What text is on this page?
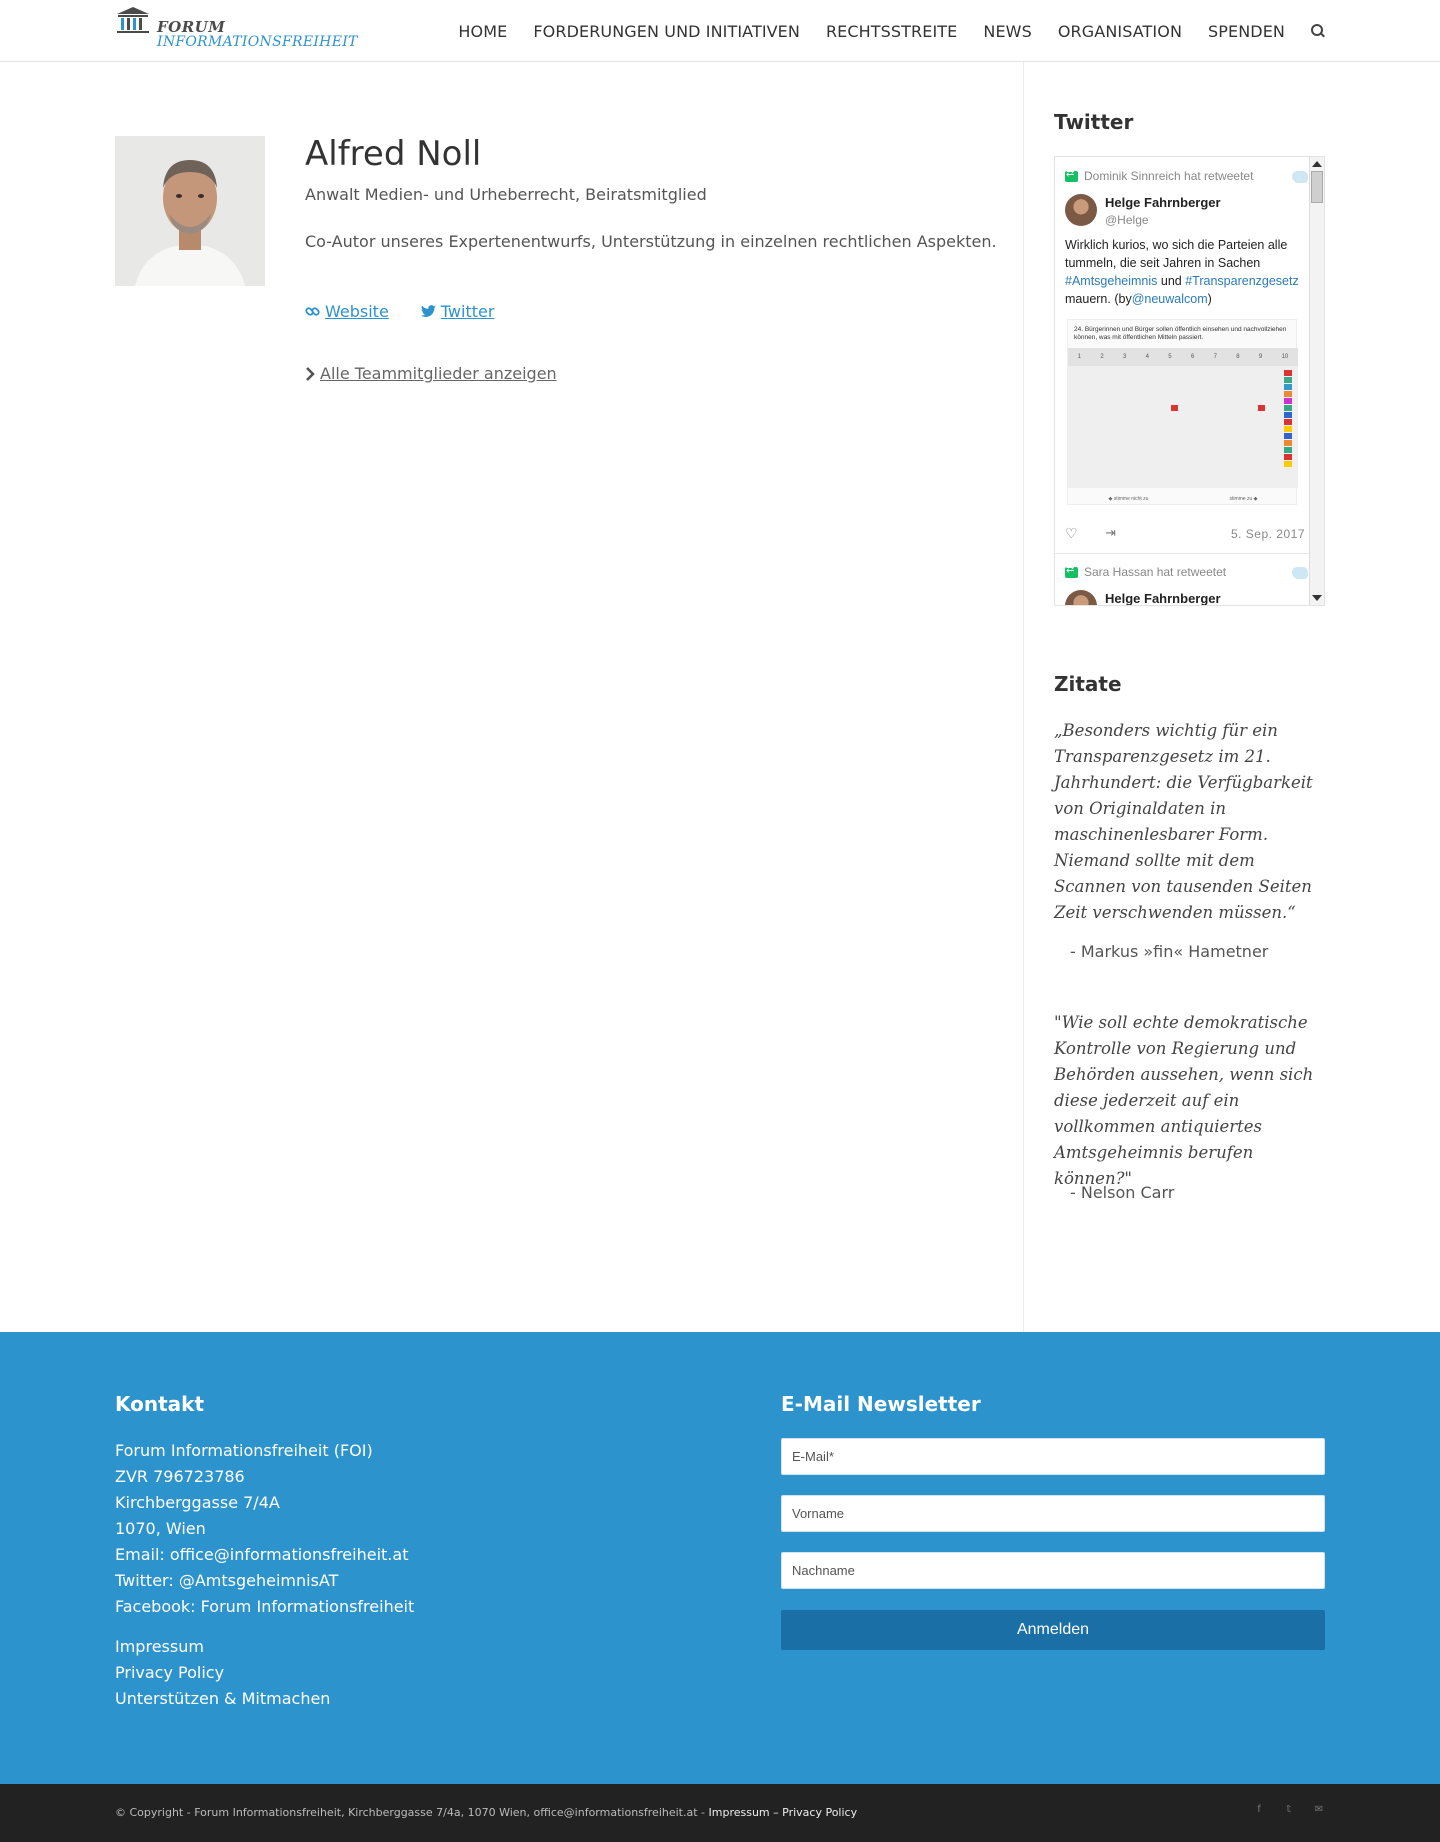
FORUM
INFORMATIONSFREIHEIT
HOME FORDERUNGEN UND INITIATIVEN RECHTSSTREITE NEWS ORGANISATION SPENDEN
Alfred Noll
Anwalt Medien- und Urheberrecht, Beiratsmitglied
Co-Autor unseres Expertenentwurfs, Unterstützung in einzelnen rechtlichen Aspekten.
Website	Twitter
Alle Teammitglieder anzeigen
Twitter
⇄
Dominik Sinnreich hat retweetet
Helge Fahrnberger
@Helge
Wirklich kurios, wo sich die Parteien alle tummeln, die seit Jahren in Sachen #Amtsgeheimnis und #Transparenzgesetz mauern. (by@neuwalcom)
24. Bürgerinnen und Bürger sollen öffentlich einsehen und nachvollziehen können, was mit öffentlichen Mitteln passiert.
1	2	3	4	5	6	7	8	9	10
◆ stimme nicht zu	stimme zu ◆
♡ ⇥	5. Sep. 2017
⇄
Sara Hassan hat retweetet
Helge Fahrnberger
Zitate
„Besonders wichtig für ein Transparenzgesetz im 21. Jahrhundert: die Verfügbarkeit von Originaldaten in maschinenlesbarer Form. Niemand sollte mit dem Scannen von tausenden Seiten Zeit verschwenden müssen.“
- Markus »fin« Hametner
"Wie soll echte demokratische Kontrolle von Regierung und Behörden aussehen, wenn sich diese jederzeit auf ein vollkommen antiquiertes Amtsgeheimnis berufen können?"
- Nelson Carr
Kontakt
Forum Informationsfreiheit (FOI)
ZVR 796723786
Kirchberggasse 7/4A
1070, Wien
Email: office@informationsfreiheit.at
Twitter: @AmtsgeheimnisAT
Facebook: Forum Informationsfreiheit
Impressum
Privacy Policy
Unterstützen & Mitmachen
E-Mail Newsletter
E-Mail*
Vorname
Nachname
Anmelden
© Copyright - Forum Informationsfreiheit, Kirchberggasse 7/4a, 1070 Wien, office@informationsfreiheit.at - Impressum – Privacy Policy	f	𝕥	✉
